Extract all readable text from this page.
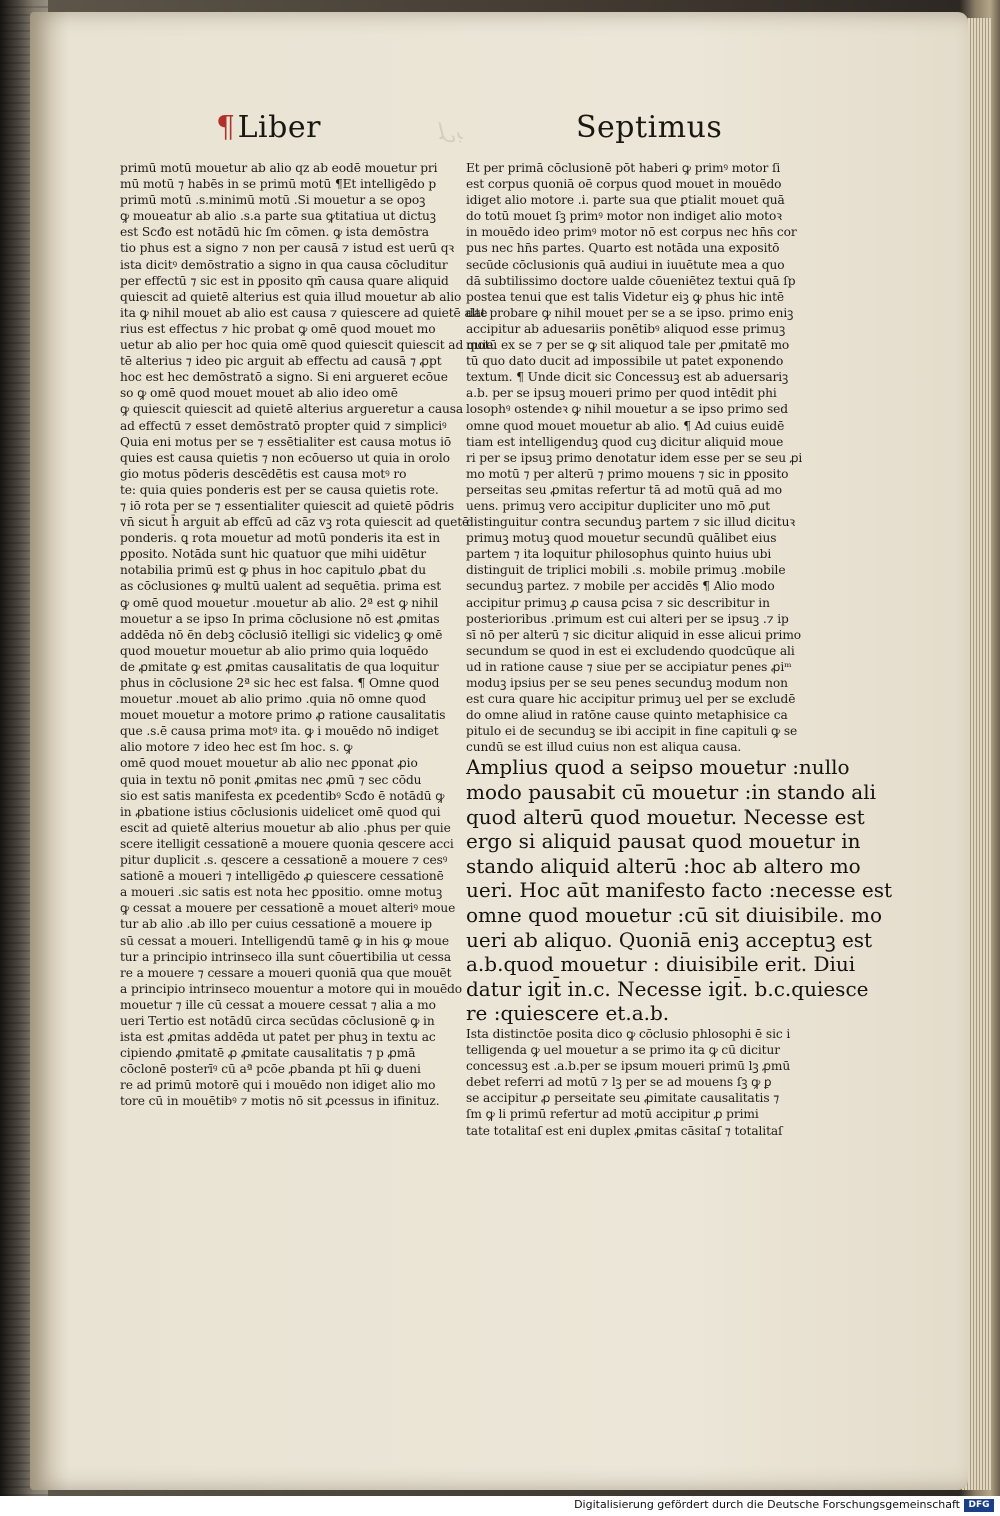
¶Liber	ﻞﺑ	Septimus

primū motū mouetur ab alio qz ab eodē mouetur pri

mū motū ⁊ habēs in se primū motū ¶Et intelligēdo p

primū motū .s.minimū motū .Si mouetur a se opoꝫ

ꝙ moueatur ab alio .s.a parte sua ꝙtitatiua ut dictuꝫ

est Scđo est notādū hic ſm cōmen. ꝙ ista demōstra

tio phus est a signo ⁊ non per causā ⁊ istud est uerū qꝛ

ista dicitꝰ demōstratio a signo in qua causa cōcluditur

per effectū ⁊ sic est in ꝑposito qm̄ causa quare aliquid

quiescit ad quietē alterius est quia illud mouetur ab alio

ita ꝙ nihil mouet ab alio est causa ⁊ quiescere ad quietē alte

rius est effectus ⁊ hic probat ꝙ omē quod mouet mo

uetur ab alio per hoc quia omē quod quiescit quiescit ad quie

tē alterius ⁊ ideo pic arguit ab effectu ad causā ⁊ ꝓpt

hoc est hec demōstratō a signo. Si eni argueret ecōue

so ꝙ omē quod mouet mouet ab alio ideo omē

ꝙ quiescit quiescit ad quietē alterius argueretur a causa

ad effectū ⁊ esset demōstratō propter quid ⁊ simpliciꝰ

Quia eni motus per se ⁊ essētialiter est causa motus iō

quies est causa quietis ⁊ non ecōuerso ut quia in orolo

gio motus pōderis descēdētis est causa motꝰ ro

te: quia quies ponderis est per se causa quietis rote.

⁊ iō rota per se ⁊ essentialiter quiescit ad quietē pōdris

vn̄ sicut h̄ arguit ab effcū ad cāz vꝫ rota quiescit ad quetē

ponderis. ꝗ rota mouetur ad motū ponderis ita est in

ꝑposito. Notāda sunt hic quatuor que mihi uidētur

notabilia primū est ꝙ phus in hoc capitulo ꝓbat du

as cōclusiones ꝙ multū ualent ad sequētia. prima est

ꝙ omē quod mouetur .mouetur ab alio. 2ª est ꝙ nihil

mouetur a se ipso In prima cōclusione nō est ꝓmitas

addēda nō ēn debꝫ cōclusiō itelligi sic videlicꝫ ꝙ omē

quod mouetur mouetur ab alio primo quia loquēdo

de ꝓmitate ꝙ est ꝓmitas causalitatis de qua loquitur

phus in cōclusione 2ª sic hec est falsa. ¶ Omne quod

mouetur .mouet ab alio primo .quia nō omne quod

mouet mouetur a motore primo ꝓ ratione causalitatis

que .s.ē causa prima motꝰ ita. ꝙ i mouēdo nō indiget

alio motore ⁊ ideo hec est ſm hoc. s. ꝙ

omē quod mouet mouetur ab alio nec ꝑponat ꝓio

quia in textu nō ponit ꝓmitas nec ꝓmū ⁊ sec cōdu

sio est satis manifesta ex ꝑcedentibꝰ Scđo ē notādū ꝙ

in ꝓbatione istius cōclusionis uidelicet omē quod qui

escit ad quietē alterius mouetur ab alio .phus per quie

scere itelligit cessationē a mouere quonia qescere acci

pitur duplicit .s. qescere a cessationē a mouere ⁊ cesꝰ

sationē a moueri ⁊ intelligēdo ꝓ quiescere cessationē

a moueri .sic satis est nota hec ꝑpositio. omne motuꝫ

ꝙ cessat a mouere per cessationē a mouet alteriꝰ moue

tur ab alio .ab illo per cuius cessationē a mouere ip

sū cessat a moueri. Intelligendū tamē ꝙ in his ꝙ moue

tur a principio intrinseco illa sunt cōuertibilia ut cessa

re a mouere ⁊ cessare a moueri quoniā qua que mouēt

a principio intrinseco mouentur a motore qui in mouēdo

mouetur ⁊ ille cū cessat a mouere cessat ⁊ alia a mo

ueri Tertio est notādū circa secūdas cōclusionē ꝙ in

ista est ꝓmitas addēda ut patet per phuꝫ in textu ac

cipiendo ꝓmitatē ꝓ ꝓmitate causalitatis ⁊ p ꝓmā

cōclonē posterīꝰ cū aª pcōe ꝓbanda pt hīi ꝙ dueni

re ad primū motorē qui i mouēdo non idiget alio mo

tore cū in mouētibꝰ ⁊ motis nō sit ꝓcessus in ifinituz.

Et per primā cōclusionē pōt haberi ꝙ primꝰ motor ſi

est corpus quoniā oē corpus quod mouet in mouēdo

idiget alio motore .i. parte sua que ꝑtialit mouet quā

do totū mouet ſꝫ primꝰ motor non indiget alio motoꝛ

in mouēdo ideo primꝰ motor nō est corpus nec hn̄s cor

pus nec hn̄s partes. Quarto est notāda una expositō

secūde cōclusionis quā audiui in iuuētute mea a quo

dā subtilissimo doctore ualde cōueniētez textui quā ſp

postea tenui que est talis Videtur eiꝫ ꝙ phus hic intē

dat probare ꝙ nihil mouet per se a se ipso. primo eniꝫ

accipitur ab aduesariis ponētibꝰ aliquod esse primuꝫ

motū ex se ⁊ per se ꝙ sit aliquod tale per ꝓmitatē mo

tū quo dato ducit ad impossibile ut patet exponendo

textum. ¶ Unde dicit sic Concessuꝫ est ab aduersariꝫ

a.b. per se ipsuꝫ moueri primo per quod intēdit phi

losophꝰ ostendeꝛ ꝙ nihil mouetur a se ipso primo sed

omne quod mouet mouetur ab alio. ¶ Ad cuius euidē

tiam est intelligenduꝫ quod cuꝫ dicitur aliquid moue

ri per se ipsuꝫ primo denotatur idem esse per se seu ꝓi

mo motū ⁊ per alterū ⁊ primo mouens ⁊ sic in ꝑposito

perseitas seu ꝓmitas refertur tā ad motū quā ad mo

uens. primuꝫ vero accipitur dupliciter uno mō ꝓut

distinguitur contra secunduꝫ partem ⁊ sic illud dicituꝛ

primuꝫ motuꝫ quod mouetur secundū quālibet eius

partem ⁊ ita loquitur philosophus quinto huius ubi

distinguit de triplici mobili .s. mobile primuꝫ .mobile

secunduꝫ partez. ⁊ mobile per accidēs ¶ Alio modo

accipitur primuꝫ ꝓ causa ꝑcisa ⁊ sic describitur in

posterioribus .primum est cui alteri per se ipsuꝫ .⁊ ip

sī nō per alterū ⁊ sic dicitur aliquid in esse alicui primo

secundum se quod in est ei excludendo quodcūque ali

ud in ratione cause ⁊ siue per se accipiatur penes ꝓiᵐ

moduꝫ ipsius per se seu penes secunduꝫ modum non

est cura quare hic accipitur primuꝫ uel per se excludē

do omne aliud in ratōne cause quinto metaphisice ca

pitulo ei de secunduꝫ se ibi accipit in fine capituli ꝙ se

cundū se est illud cuius non est aliqua causa.

Amplius quod a seipso mouetur :nullo

modo pausabit cū mouetur :in stando ali

quod alterū quod mouetur. Necesse est

ergo si aliquid pausat quod mouetur in

stando aliquid alterū :hoc ab altero mo

ueri. Hoc aūt manifesto facto :necesse est

omne quod mouetur :cū sit diuisibile. mo

ueri ab aliquo. Quoniā eniꝫ acceptuꝫ est

a.b.quod mouetur : diuisibile erit. Diui

datur igit̄ in.c. Necesse igit̄. b.c.quiesce

re :quiescere et.a.b.

Ista distinctōe posita dico ꝙ cōclusio phlosophi ē sic i

telligenda ꝙ uel mouetur a se primo ita ꝙ cū dicitur

concessuꝫ est .a.b.per se ipsum moueri primū lꝫ ꝓmū

debet referri ad motū ⁊ lꝫ per se ad mouens ſꝫ ꝙ ꝑ

se accipitur ꝓ perseitate seu ꝓimitate causalitatis ⁊

ſm ꝙ li primū refertur ad motū accipitur ꝓ primi

tate totalitaſ est eni duplex ꝓmitas cāsitaſ ⁊ totalitaſ

Digitalisierung gefördert durch die Deutsche Forschungsgemeinschaft DFG
